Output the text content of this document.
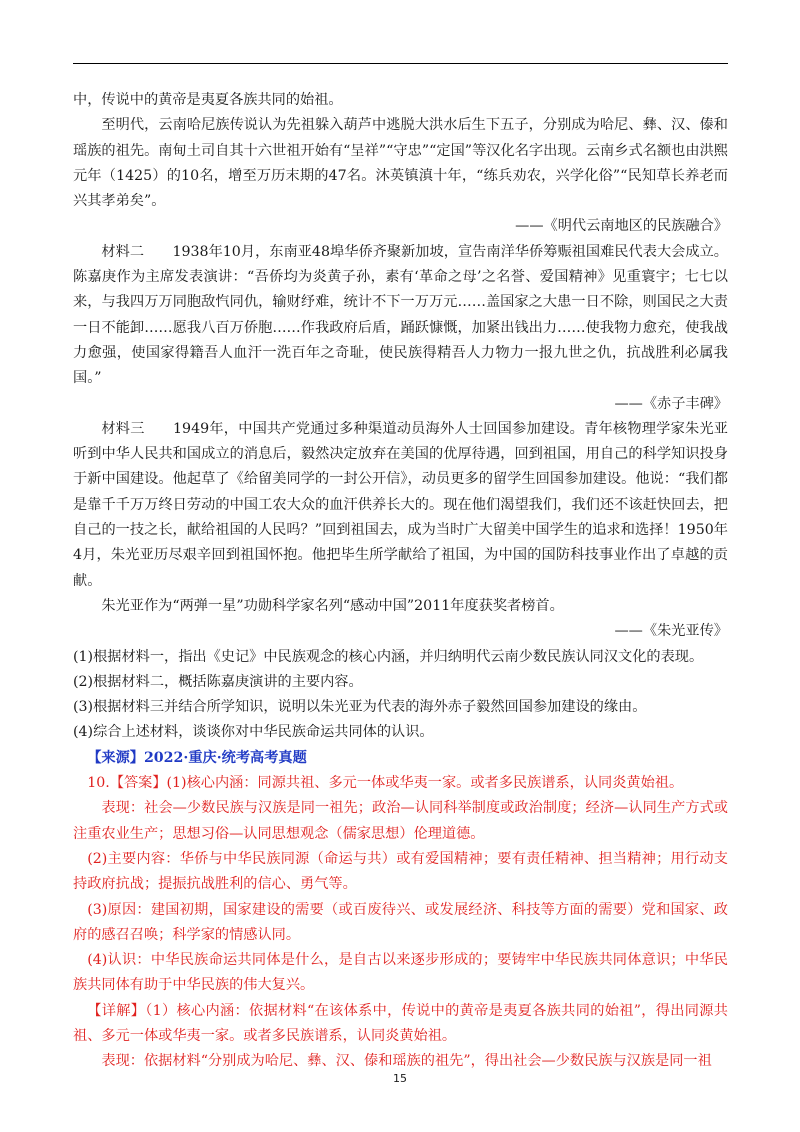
中，传说中的黄帝是夷夏各族共同的始祖。

至明代，云南哈尼族传说认为先祖躲入葫芦中逃脱大洪水后生下五子，分别成为哈尼、彝、汉、傣和瑶族的祖先。南甸土司自其十六世祖开始有“呈祥”“守忠”“定国”等汉化名字出现。云南乡式名额也由洪熙元年（1425）的10名，增至万历末期的47名。沐英镇滇十年，“练兵劝农，兴学化俗”“民知草长养老而兴其孝弟矣”。

——《明代云南地区的民族融合》

材料二 1938年10月，东南亚48埠华侨齐聚新加坡，宣告南洋华侨筹赈祖国难民代表大会成立。陈嘉庚作为主席发表演讲：“吾侨均为炎黄子孙，素有‘革命之母’之名誉、爱国精神》见重寰宇；七七以来，与我四万万同胞敌忾同仇，输财纾难，统计不下一万万元……盖国家之大患一日不除，则国民之大责一日不能卸……愿我八百万侨胞……作我政府后盾，踊跃慷慨，加紧出钱出力……使我物力愈充，使我战力愈强，使国家得籍吾人血汗一洗百年之奇耻，使民族得精吾人力物力一报九世之仇，抗战胜利必属我国。”

——《赤子丰碑》

材料三 1949年，中国共产党通过多种渠道动员海外人士回国参加建设。青年核物理学家朱光亚听到中华人民共和国成立的消息后，毅然决定放弃在美国的优厚待遇，回到祖国，用自己的科学知识投身于新中国建设。他起草了《给留美同学的一封公开信》，动员更多的留学生回国参加建设。他说：“我们都是靠千千万万终日劳动的中国工农大众的血汗供养长大的。现在他们渴望我们，我们还不该赶快回去，把自己的一技之长，献给祖国的人民吗？”回到祖国去，成为当时广大留美中国学生的追求和选择！1950年4月，朱光亚历尽艰辛回到祖国怀抱。他把毕生所学献给了祖国，为中国的国防科技事业作出了卓越的贡献。

朱光亚作为“两弹一星”功勋科学家名列“感动中国”2011年度获奖者榜首。

——《朱光亚传》

(1)根据材料一，指出《史记》中民族观念的核心内涵，并归纳明代云南少数民族认同汉文化的表现。

(2)根据材料二，概括陈嘉庚演讲的主要内容。

(3)根据材料三并结合所学知识，说明以朱光亚为代表的海外赤子毅然回国参加建设的缘由。

(4)综合上述材料，谈谈你对中华民族命运共同体的认识。

【来源】2022·重庆·统考高考真题

10.【答案】(1)核心内涵：同源共祖、多元一体或华夷一家。或者多民族谱系，认同炎黄始祖。

表现：社会—少数民族与汉族是同一祖先；政治—认同科举制度或政治制度；经济—认同生产方式或注重农业生产；思想习俗—认同思想观念（儒家思想）伦理道德。

(2)主要内容：华侨与中华民族同源（命运与共）或有爱国精神；要有责任精神、担当精神；用行动支持政府抗战；提振抗战胜利的信心、勇气等。

(3)原因：建国初期，国家建设的需要（或百废待兴、或发展经济、科技等方面的需要）党和国家、政府的感召召唤；科学家的情感认同。

(4)认识：中华民族命运共同体是什么，是自古以来逐步形成的；要铸牢中华民族共同体意识；中华民族共同体有助于中华民族的伟大复兴。

【详解】（1）核心内涵：依据材料“在该体系中，传说中的黄帝是夷夏各族共同的始祖”，得出同源共祖、多元一体或华夷一家。或者多民族谱系，认同炎黄始祖。

表现：依据材料“分别成为哈尼、彝、汉、傣和瑶族的祖先”，得出社会—少数民族与汉族是同一祖

15
